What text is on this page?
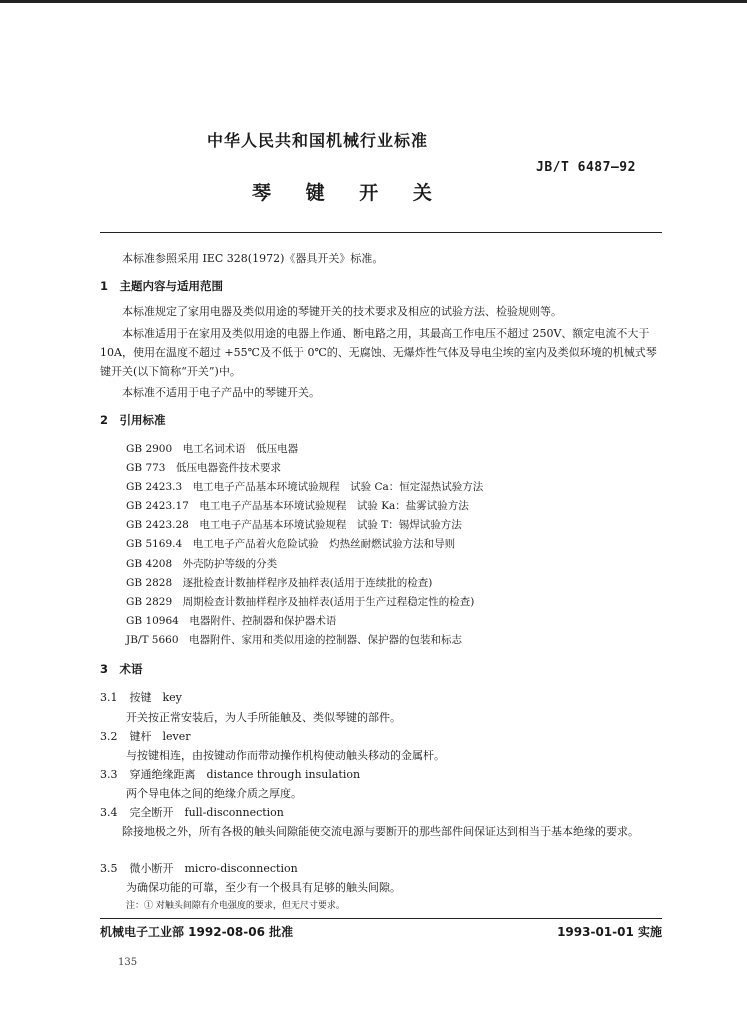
中华人民共和国机械行业标准
JB/T 6487—92
琴 键 开 关
本标准参照采用 IEC 328(1972)《器具开关》标准。
1　主题内容与适用范围
本标准规定了家用电器及类似用途的琴键开关的技术要求及相应的试验方法、检验规则等。
本标准适用于在家用及类似用途的电器上作通、断电路之用，其最高工作电压不超过 250V、额定电流不大于 10A，使用在温度不超过 +55℃及不低于 0℃的、无腐蚀、无爆炸性气体及导电尘埃的室内及类似环境的机械式琴键开关(以下简称“开关”)中。
本标准不适用于电子产品中的琴键开关。
2　引用标准
GB 2900　电工名词术语　低压电器
GB 773　低压电器瓷件技术要求
GB 2423.3　电工电子产品基本环境试验规程　试验 Ca：恒定湿热试验方法
GB 2423.17　电工电子产品基本环境试验规程　试验 Ka：盐雾试验方法
GB 2423.28　电工电子产品基本环境试验规程　试验 T：锡焊试验方法
GB 5169.4　电工电子产品着火危险试验　灼热丝耐燃试验方法和导则
GB 4208　外壳防护等级的分类
GB 2828　逐批检查计数抽样程序及抽样表(适用于连续批的检查)
GB 2829　周期检查计数抽样程序及抽样表(适用于生产过程稳定性的检查)
GB 10964　电器附件、控制器和保护器术语
JB/T 5660　电器附件、家用和类似用途的控制器、保护器的包装和标志
3　术语
3.1 按键　key
开关按正常安装后，为人手所能触及、类似琴键的部件。
3.2 键杆　lever
与按键相连，由按键动作而带动操作机构使动触头移动的金属杆。
3.3 穿通绝缘距离　distance through insulation
两个导电体之间的绝缘介质之厚度。
3.4 完全断开　full-disconnection
除接地极之外，所有各极的触头间隙能使交流电源与要断开的那些部件间保证达到相当于基本绝缘的要求。
3.5 微小断开　micro-disconnection
为确保功能的可靠，至少有一个极具有足够的触头间隙。
注：① 对触头间隙有介电强度的要求，但无尺寸要求。
机械电子工业部 1992-08-06 批准	1993-01-01 实施
135
